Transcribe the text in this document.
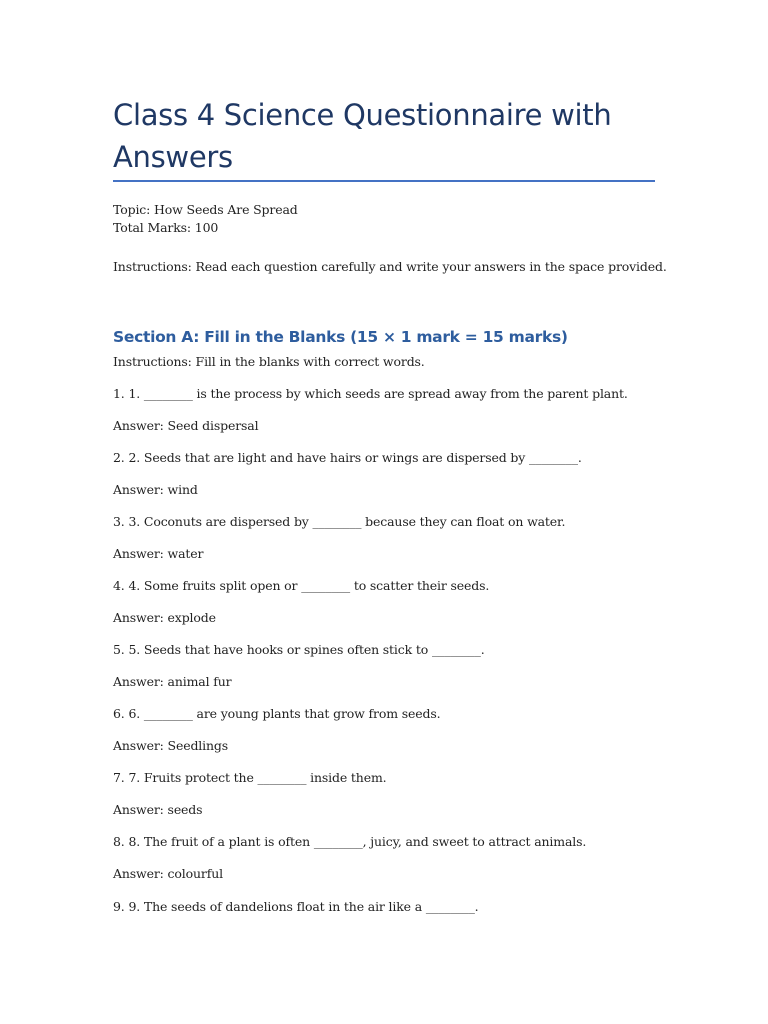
Class 4 Science Questionnaire with Answers
Topic: How Seeds Are Spread
Total Marks: 100
Instructions: Read each question carefully and write your answers in the space provided.
Section A: Fill in the Blanks (15 × 1 mark = 15 marks)
Instructions: Fill in the blanks with correct words.
1. 1. ________ is the process by which seeds are spread away from the parent plant.
Answer: Seed dispersal
2. 2. Seeds that are light and have hairs or wings are dispersed by ________.
Answer: wind
3. 3. Coconuts are dispersed by ________ because they can float on water.
Answer: water
4. 4. Some fruits split open or ________ to scatter their seeds.
Answer: explode
5. 5. Seeds that have hooks or spines often stick to ________.
Answer: animal fur
6. 6. ________ are young plants that grow from seeds.
Answer: Seedlings
7. 7. Fruits protect the ________ inside them.
Answer: seeds
8. 8. The fruit of a plant is often ________, juicy, and sweet to attract animals.
Answer: colourful
9. 9. The seeds of dandelions float in the air like a ________.
